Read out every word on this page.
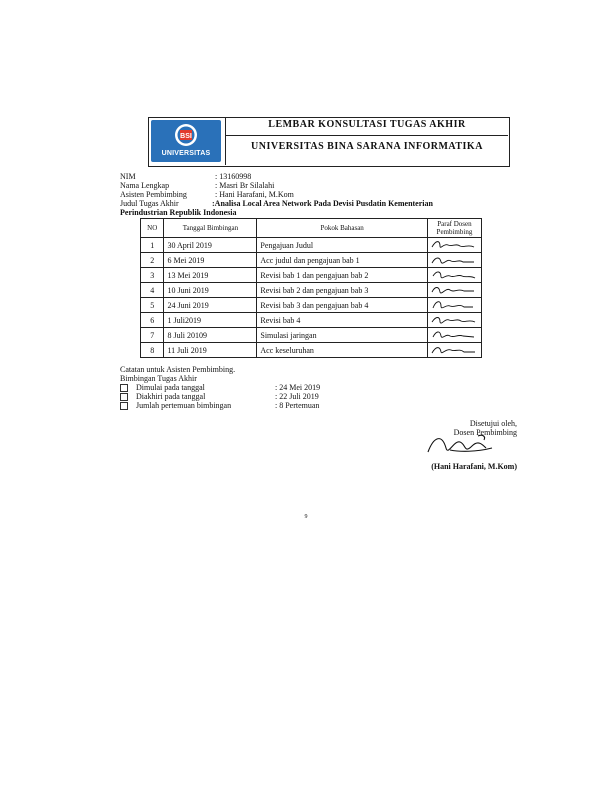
BSI
UNIVERSITAS
LEMBAR KONSULTASI TUGAS AKHIR
UNIVERSITAS BINA SARANA INFORMATIKA
NIM	: 13160998
Nama Lengkap	: Masri Br Silalahi
Asisten Pembimbing	: Hani Harafani, M.Kom
Judul Tugas Akhir	:Analisa Local Area Network Pada Devisi Pusdatin Kementerian
Perindustrian Republik Indonesia
NO	Tanggal Bimbingan	Pokok Bahasan	Paraf Dosen Pembimbing
1	30 April 2019	Pengajuan Judul	

2	6 Mei 2019	Acc judul dan pengajuan bab 1	

3	13 Mei 2019	Revisi bab 1 dan pengajuan bab 2	

4	10 Juni 2019	Revisi bab 2 dan pengajuan bab 3	

5	24 Juni 2019	Revisi bab 3 dan pengajuan bab 4	

6	1 Juli2019	Revisi bab 4	

7	8 Juli 20109	Simulasi jaringan	

8	11 Juli 2019	Acc keseluruhan	
Catatan untuk Asisten Pembimbing.
Bimbingan Tugas Akhir
Dimulai pada tanggal	: 24 Mei 2019
Diakhiri pada tanggal	: 22 Juli 2019
Jumlah pertemuan bimbingan	: 8 Pertemuan
Disetujui oleh,
Dosen Pembimbing
(Hani Harafani, M.Kom)
9
